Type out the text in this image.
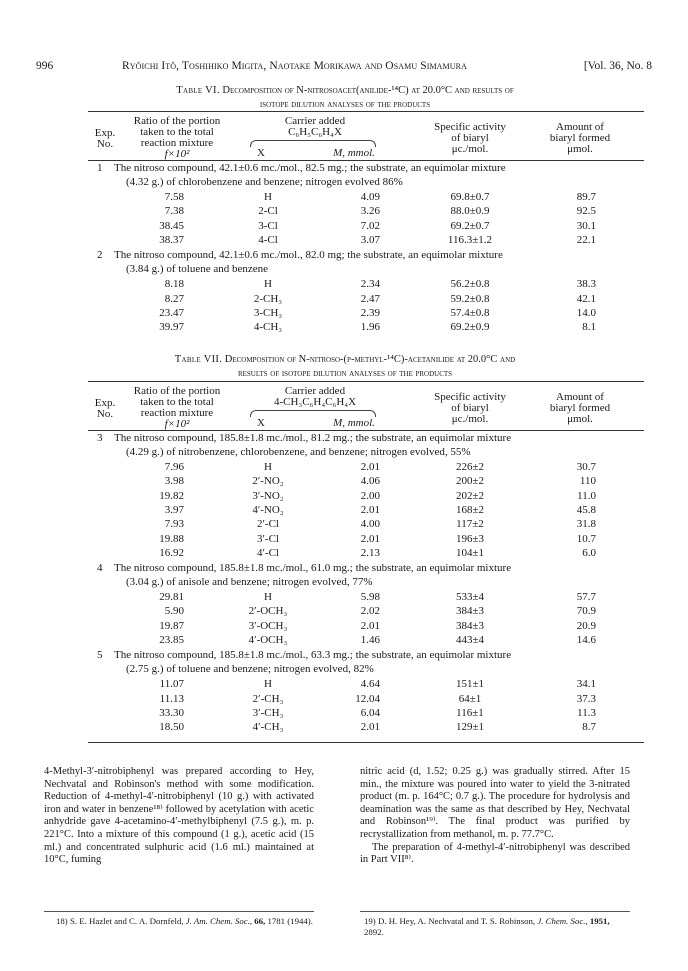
996	Ryôichi Itô, Toshihiko Migita, Naotake Morikawa and Osamu Simamura	[Vol. 36, No. 8
Table VI. Decomposition of N-nitrosoacet(anilide-¹⁴C) at 20.0°C and results of
isotope dilution analyses of the products
Exp.
No.
Ratio of the portion
taken to the total
reaction mixture
f×10²
Carrier added
C₆H₅C₆H₄X
X	M, mmol.
Specific activity
of biaryl
μc./mol.
Amount of
biaryl formed
μmol.
1 The nitroso compound, 42.1±0.6 mc./mol., 82.5 mg.; the substrate, an equimolar mixture
(4.32 g.) of chlorobenzene and benzene; nitrogen evolved 86%
7.58	H	4.09	69.8±0.7	89.7
7.38	2-Cl	3.26	88.0±0.9	92.5
38.45	3-Cl	7.02	69.2±0.7	30.1
38.37	4-Cl	3.07	116.3±1.2	22.1
2 The nitroso compound, 42.1±0.6 mc./mol., 82.0 mg; the substrate, an equimolar mixture
(3.84 g.) of toluene and benzene
8.18	H	2.34	56.2±0.8	38.3
8.27	2-CH₃	2.47	59.2±0.8	42.1
23.47	3-CH₃	2.39	57.4±0.8	14.0
39.97	4-CH₃	1.96	69.2±0.9	8.1
Table VII. Decomposition of N-nitroso-(p-methyl-¹⁴C)-acetanilide at 20.0°C and
results of isotope dilution analyses of the products
Exp.
No.
Ratio of the portion
taken to the total
reaction mixture
f×10²
Carrier added
4-CH₃C₆H₄C₆H₄X
X	M, mmol.
Specific activity
of biaryl
μc./mol.
Amount of
biaryl formed
μmol.
3 The nitroso compound, 185.8±1.8 mc./mol., 81.2 mg.; the substrate, an equimolar mixture
(4.29 g.) of nitrobenzene, chlorobenzene, and benzene; nitrogen evolved, 55%
7.96	H	2.01	226±2	30.7
3.98	2′-NO₂	4.06	200±2	110
19.82	3′-NO₂	2.00	202±2	11.0
3.97	4′-NO₂	2.01	168±2	45.8
7.93	2′-Cl	4.00	117±2	31.8
19.88	3′-Cl	2.01	196±3	10.7
16.92	4′-Cl	2.13	104±1	6.0
4 The nitroso compound, 185.8±1.8 mc./mol., 61.0 mg.; the substrate, an equimolar mixture
(3.04 g.) of anisole and benzene; nitrogen evolved, 77%
29.81	H	5.98	533±4	57.7
5.90	2′-OCH₃	2.02	384±3	70.9
19.87	3′-OCH₃	2.01	384±3	20.9
23.85	4′-OCH₃	1.46	443±4	14.6
5 The nitroso compound, 185.8±1.8 mc./mol., 63.3 mg.; the substrate, an equimolar mixture
(2.75 g.) of toluene and benzene; nitrogen evolved, 82%
11.07	H	4.64	151±1	34.1
11.13	2′-CH₃	12.04	64±1	37.3
33.30	3′-CH₃	6.04	116±1	11.3
18.50	4′-CH₃	2.01	129±1	8.7

4-Methyl-3′-nitrobiphenyl was prepared according to Hey, Nechvatal and Robinson's method with some modification. Reduction of 4-methyl-4′-nitrobiphenyl (10 g.) with activated iron and water in benzene¹⁸⁾ followed by acetylation with acetic anhydride gave 4-acetamino-4′-methylbiphenyl (7.5 g.), m. p. 221°C. Into a mixture of this compound (1 g.), acetic acid (15 ml.) and concentrated sulphuric acid (1.6 ml.) maintained at 10°C, fuming

nitric acid (d, 1.52; 0.25 g.) was gradually stirred. After 15 min., the mixture was poured into water to yield the 3-nitrated product (m. p. 164°C; 0.7 g.). The procedure for hydrolysis and deamination was the same as that described by Hey, Nechvatal and Robinson¹⁹⁾. The final product was purified by recrystallization from methanol, m. p. 77.7°C.

The preparation of 4-methyl-4′-nitrobiphenyl was described in Part VII⁸⁾.

18) S. E. Hazlet and C. A. Dornfeld, J. Am. Chem. Soc., 66, 1781 (1944).	19) D. H. Hey, A. Nechvatal and T. S. Robinson, J. Chem. Soc., 1951, 2892.
